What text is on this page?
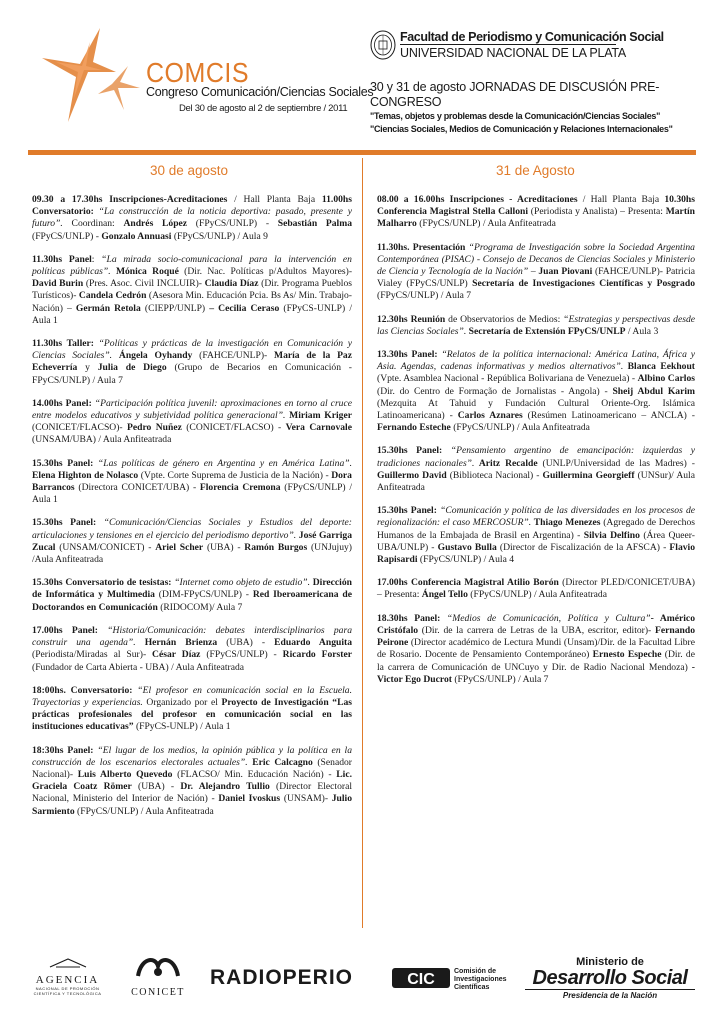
COMCIS
Congreso Comunicación/Ciencias Sociales
Del 30 de agosto al 2 de septiembre / 2011
Facultad de Periodismo y Comunicación Social
UNIVERSIDAD NACIONAL DE LA PLATA
30 y 31 de agosto JORNADAS DE DISCUSIÓN PRE-CONGRESO
"Temas, objetos y problemas desde la Comunicación/Ciencias Sociales"
"Ciencias Sociales, Medios de Comunicación y Relaciones Internacionales"
30 de agosto	31 de Agosto

09.30 a 17.30hs Inscripciones-Acreditaciones / Hall Planta Baja 11.00hs Conversatorio: “La construcción de la noticia deportiva: pasado, presente y futuro”. Coordinan: Andrés López (FPyCS/UNLP) - Sebastián Palma (FPyCS/UNLP) - Gonzalo Annuasi (FPyCS/UNLP) / Aula 9

11.30hs Panel: “La mirada socio-comunicacional para la intervención en políticas públicas”. Mónica Roqué (Dir. Nac. Políticas p/Adultos Mayores)- David Burin (Pres. Asoc. Civil INCLUIR)- Claudia Díaz (Dir. Programa Pueblos Turísticos)- Candela Cedrón (Asesora Min. Educación Pcia. Bs As/ Min. Trabajo- Nación) – Germán Retola (CIEPP/UNLP) – Cecilia Ceraso (FPyCS-UNLP) / Aula 1

11.30hs Taller: “Políticas y prácticas de la investigación en Comunicación y Ciencias Sociales”. Ángela Oyhandy (FAHCE/UNLP)- María de la Paz Echeverría y Julia de Diego (Grupo de Becarios en Comunicación - FPyCS/UNLP) / Aula 7

14.00hs Panel: “Participación política juvenil: aproximaciones en torno al cruce entre modelos educativos y subjetividad política generacional”. Miriam Kriger (CONICET/FLACSO)- Pedro Nuñez (CONICET/FLACSO) - Vera Carnovale (UNSAM/UBA) / Aula Anfiteatrada

15.30hs Panel: “Las políticas de género en Argentina y en América Latina”. Elena Highton de Nolasco (Vpte. Corte Suprema de Justicia de la Nación) - Dora Barrancos (Directora CONICET/UBA) - Florencia Cremona (FPyCS/UNLP) / Aula 1

15.30hs Panel: “Comunicación/Ciencias Sociales y Estudios del deporte: articulaciones y tensiones en el ejercicio del periodismo deportivo”. José Garriga Zucal (UNSAM/CONICET) - Ariel Scher (UBA) - Ramón Burgos (UNJujuy) /Aula Anfiteatrada

15.30hs Conversatorio de tesistas: “Internet como objeto de estudio”. Dirección de Informática y Multimedia (DIM-FPyCS/UNLP) - Red Iberoamericana de Doctorandos en Comunicación (RIDOCOM)/ Aula 7

17.00hs Panel: “Historia/Comunicación: debates interdisciplinarios para construir una agenda”. Hernán Brienza (UBA) - Eduardo Anguita (Periodista/Miradas al Sur)- César Díaz (FPyCS/UNLP) - Ricardo Forster (Fundador de Carta Abierta - UBA) / Aula Anfiteatrada

18:00hs. Conversatorio: “El profesor en comunicación social en la Escuela. Trayectorias y experiencias. Organizado por el Proyecto de Investigación “Las prácticas profesionales del profesor en comunicación social en las instituciones educativas” (FPyCS-UNLP) / Aula 1

18:30hs Panel: “El lugar de los medios, la opinión pública y la política en la construcción de los escenarios electorales actuales”. Eric Calcagno (Senador Nacional)- Luis Alberto Quevedo (FLACSO/ Min. Educación Nación) - Lic. Graciela Coatz Römer (UBA) - Dr. Alejandro Tullio (Director Electoral Nacional, Ministerio del Interior de Nación) - Daniel Ivoskus (UNSAM)- Julio Sarmiento (FPyCS/UNLP) / Aula Anfiteatrada

08.00 a 16.00hs Inscripciones - Acreditaciones / Hall Planta Baja 10.30hs Conferencia Magistral Stella Calloni (Periodista y Analista) – Presenta: Martín Malharro (FPyCS/UNLP) / Aula Anfiteatrada

11.30hs. Presentación “Programa de Investigación sobre la Sociedad Argentina Contemporánea (PISAC) - Consejo de Decanos de Ciencias Sociales y Ministerio de Ciencia y Tecnología de la Nación” – Juan Piovani (FAHCE/UNLP)- Patricia Vialey (FPyCS/UNLP) Secretaría de Investigaciones Científicas y Posgrado (FPyCS/UNLP) / Aula 7

12.30hs Reunión de Observatorios de Medios: “Estrategias y perspectivas desde las Ciencias Sociales”. Secretaría de Extensión FPyCS/UNLP / Aula 3

13.30hs Panel: “Relatos de la política internacional: América Latina, África y Asia. Agendas, cadenas informativas y medios alternativos”. Blanca Eekhout (Vpte. Asamblea Nacional - República Bolivariana de Venezuela) - Albino Carlos (Dir. do Centro de Formação de Jornalistas - Angola) - Sheij Abdul Karim (Mezquita At Tahuid y Fundación Cultural Oriente-Org. Islámica Latinoamericana) - Carlos Aznares (Resúmen Latinoamericano – ANCLA) - Fernando Esteche (FPyCS/UNLP) / Aula Anfiteatrada

15.30hs Panel: “Pensamiento argentino de emancipación: izquierdas y tradiciones nacionales”. Aritz Recalde (UNLP/Universidad de las Madres) - Guillermo David (Biblioteca Nacional) - Guillermina Georgieff (UNSur)/ Aula Anfiteatrada

15.30hs Panel: “Comunicación y política de las diversidades en los procesos de regionalización: el caso MERCOSUR”. Thiago Menezes (Agregado de Derechos Humanos de la Embajada de Brasil en Argentina) - Silvia Delfino (Área Queer-UBA/UNLP) - Gustavo Bulla (Director de Fiscalización de la AFSCA) - Flavio Rapisardi (FPyCS/UNLP) / Aula 4

17.00hs Conferencia Magistral Atilio Borón (Director PLED/CONICET/UBA) – Presenta: Ángel Tello (FPyCS/UNLP) / Aula Anfiteatrada

18.30hs Panel: “Medios de Comunicación, Política y Cultura”- Américo Cristófalo (Dir. de la carrera de Letras de la UBA, escritor, editor)- Fernando Peirone (Director académico de Lectura Mundi (Unsam)/Dir. de la Facultad Libre de Rosario. Docente de Pensamiento Contemporáneo) Ernesto Espeche (Dir. de la carrera de Comunicación de UNCuyo y Dir. de Radio Nacional Mendoza) - Victor Ego Ducrot (FPyCS/UNLP) / Aula 7

AGENCIA
NACIONAL DE PROMOCIÓN CIENTÍFICA Y TECNOLÓGICA	CONICET
RADIOPERIO	CIC	Comisión de Investigaciones Científicas
Ministerio de
Desarrollo Social
Presidencia de la Nación
